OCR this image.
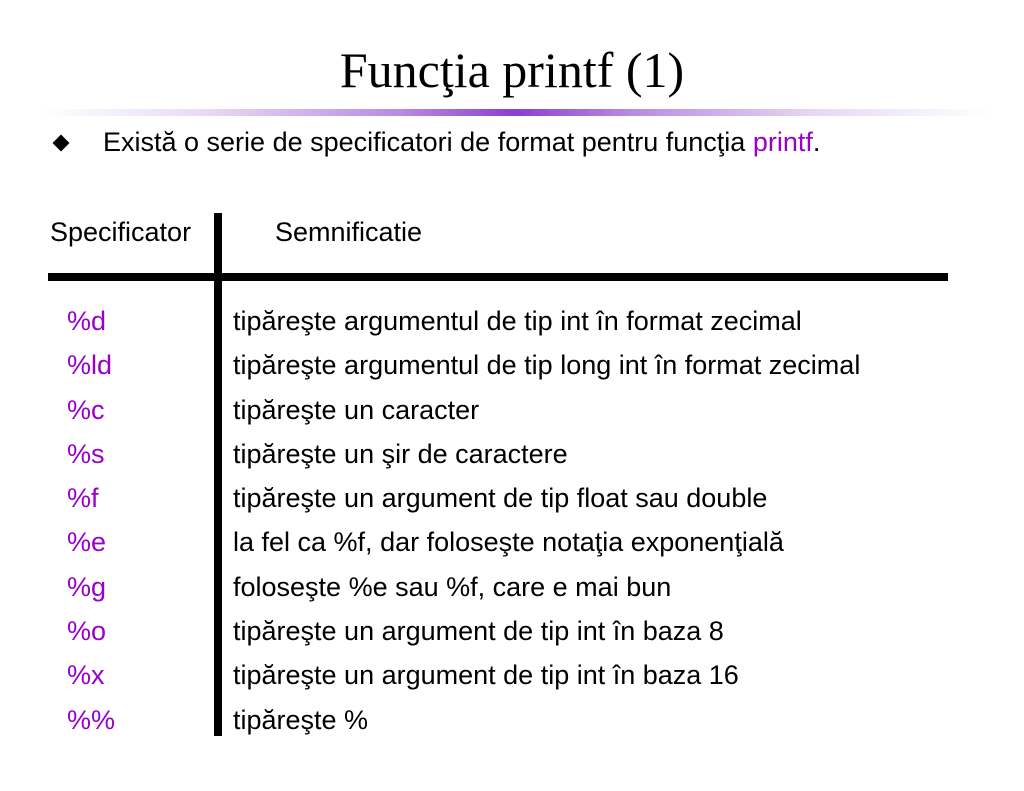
Funcţia printf (1)
Există o serie de specificatori de format pentru funcţia printf.
Specificator	Semnificatie
%d	tipăreşte argumentul de tip int în format zecimal
%ld	tipăreşte argumentul de tip long int în format zecimal
%c	tipăreşte un caracter
%s	tipăreşte un şir de caractere
%f	tipăreşte un argument de tip float sau double
%e	la fel ca %f, dar foloseşte notaţia exponenţială
%g	foloseşte %e sau %f, care e mai bun
%o	tipăreşte un argument de tip int în baza 8
%x	tipăreşte un argument de tip int în baza 16
%%	tipăreşte %
